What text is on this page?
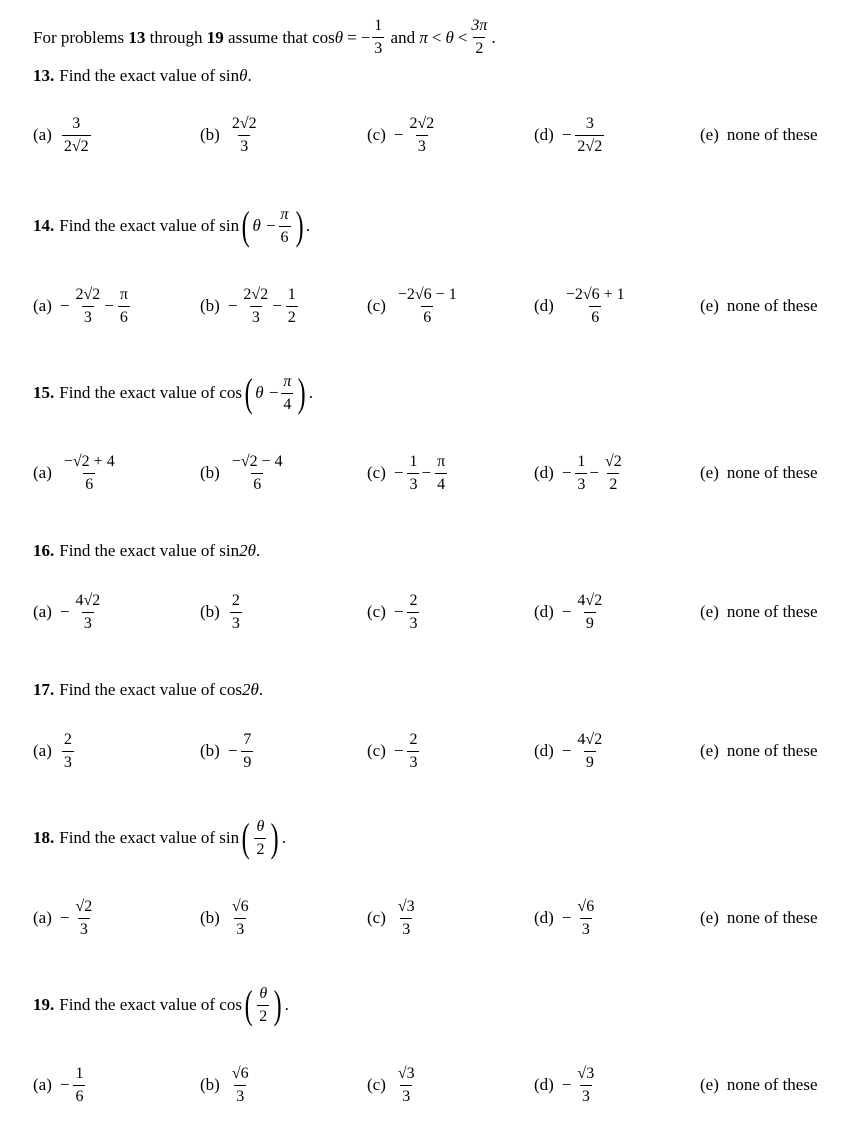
For problems
13
through
19
assume that
cos θ = − $\frac{1}{3}$
and
$\pi < \theta < \frac{3\pi}{2}$ .
13. Find the exact value of
sin θ .
14. Find the exact value of
sin ( $\theta - \frac{\pi}{6}$ ) .
15. Find the exact value of
cos ( $\theta - \frac{\pi}{4}$ ) .
16. Find the exact value of
sin 2θ .
17. Find the exact value of
cos 2θ .
18. Find the exact value of
sin ( $\frac{\theta}{2}$ ) .
19. Find the exact value of
cos ( $\frac{\theta}{2}$ ) .
$(a) \frac{3}{2√2}$	$(b) \frac{2√2}{3}$	$(c) - \frac{2√2}{3}$	$(d) - \frac{3}{2√2}$	(e) none of these
$(a) - \frac{2√2}{3} - \frac{\pi}{6}$	$(b) - \frac{2√2}{3} - \frac{1}{2}$	$(c) \frac{-2√6 - 1}{6}$	$(d) \frac{-2√6 + 1}{6}$	(e) none of these
$(a) \frac{-√2 + 4}{6}$	$(b) \frac{-√2 - 4}{6}$	$(c) - \frac{1}{3} - \frac{\pi}{4}$	$(d) - \frac{1}{3} - \frac{√2}{2}$	(e) none of these
$(a) - \frac{4√2}{3}$	$(b) \frac{2}{3}$	$(c) - \frac{2}{3}$	$(d) - \frac{4√2}{9}$	(e) none of these
$(a) \frac{2}{3}$	$(b) - \frac{7}{9}$	$(c) - \frac{2}{3}$	$(d) - \frac{4√2}{9}$	(e) none of these
$(a) - \frac{√2}{3}$	$(b) \frac{√6}{3}$	$(c) \frac{√3}{3}$	$(d) - \frac{√6}{3}$	(e) none of these
$(a) - \frac{1}{6}$	$(b) \frac{√6}{3}$	$(c) \frac{√3}{3}$	$(d) - \frac{√3}{3}$	(e) none of these
